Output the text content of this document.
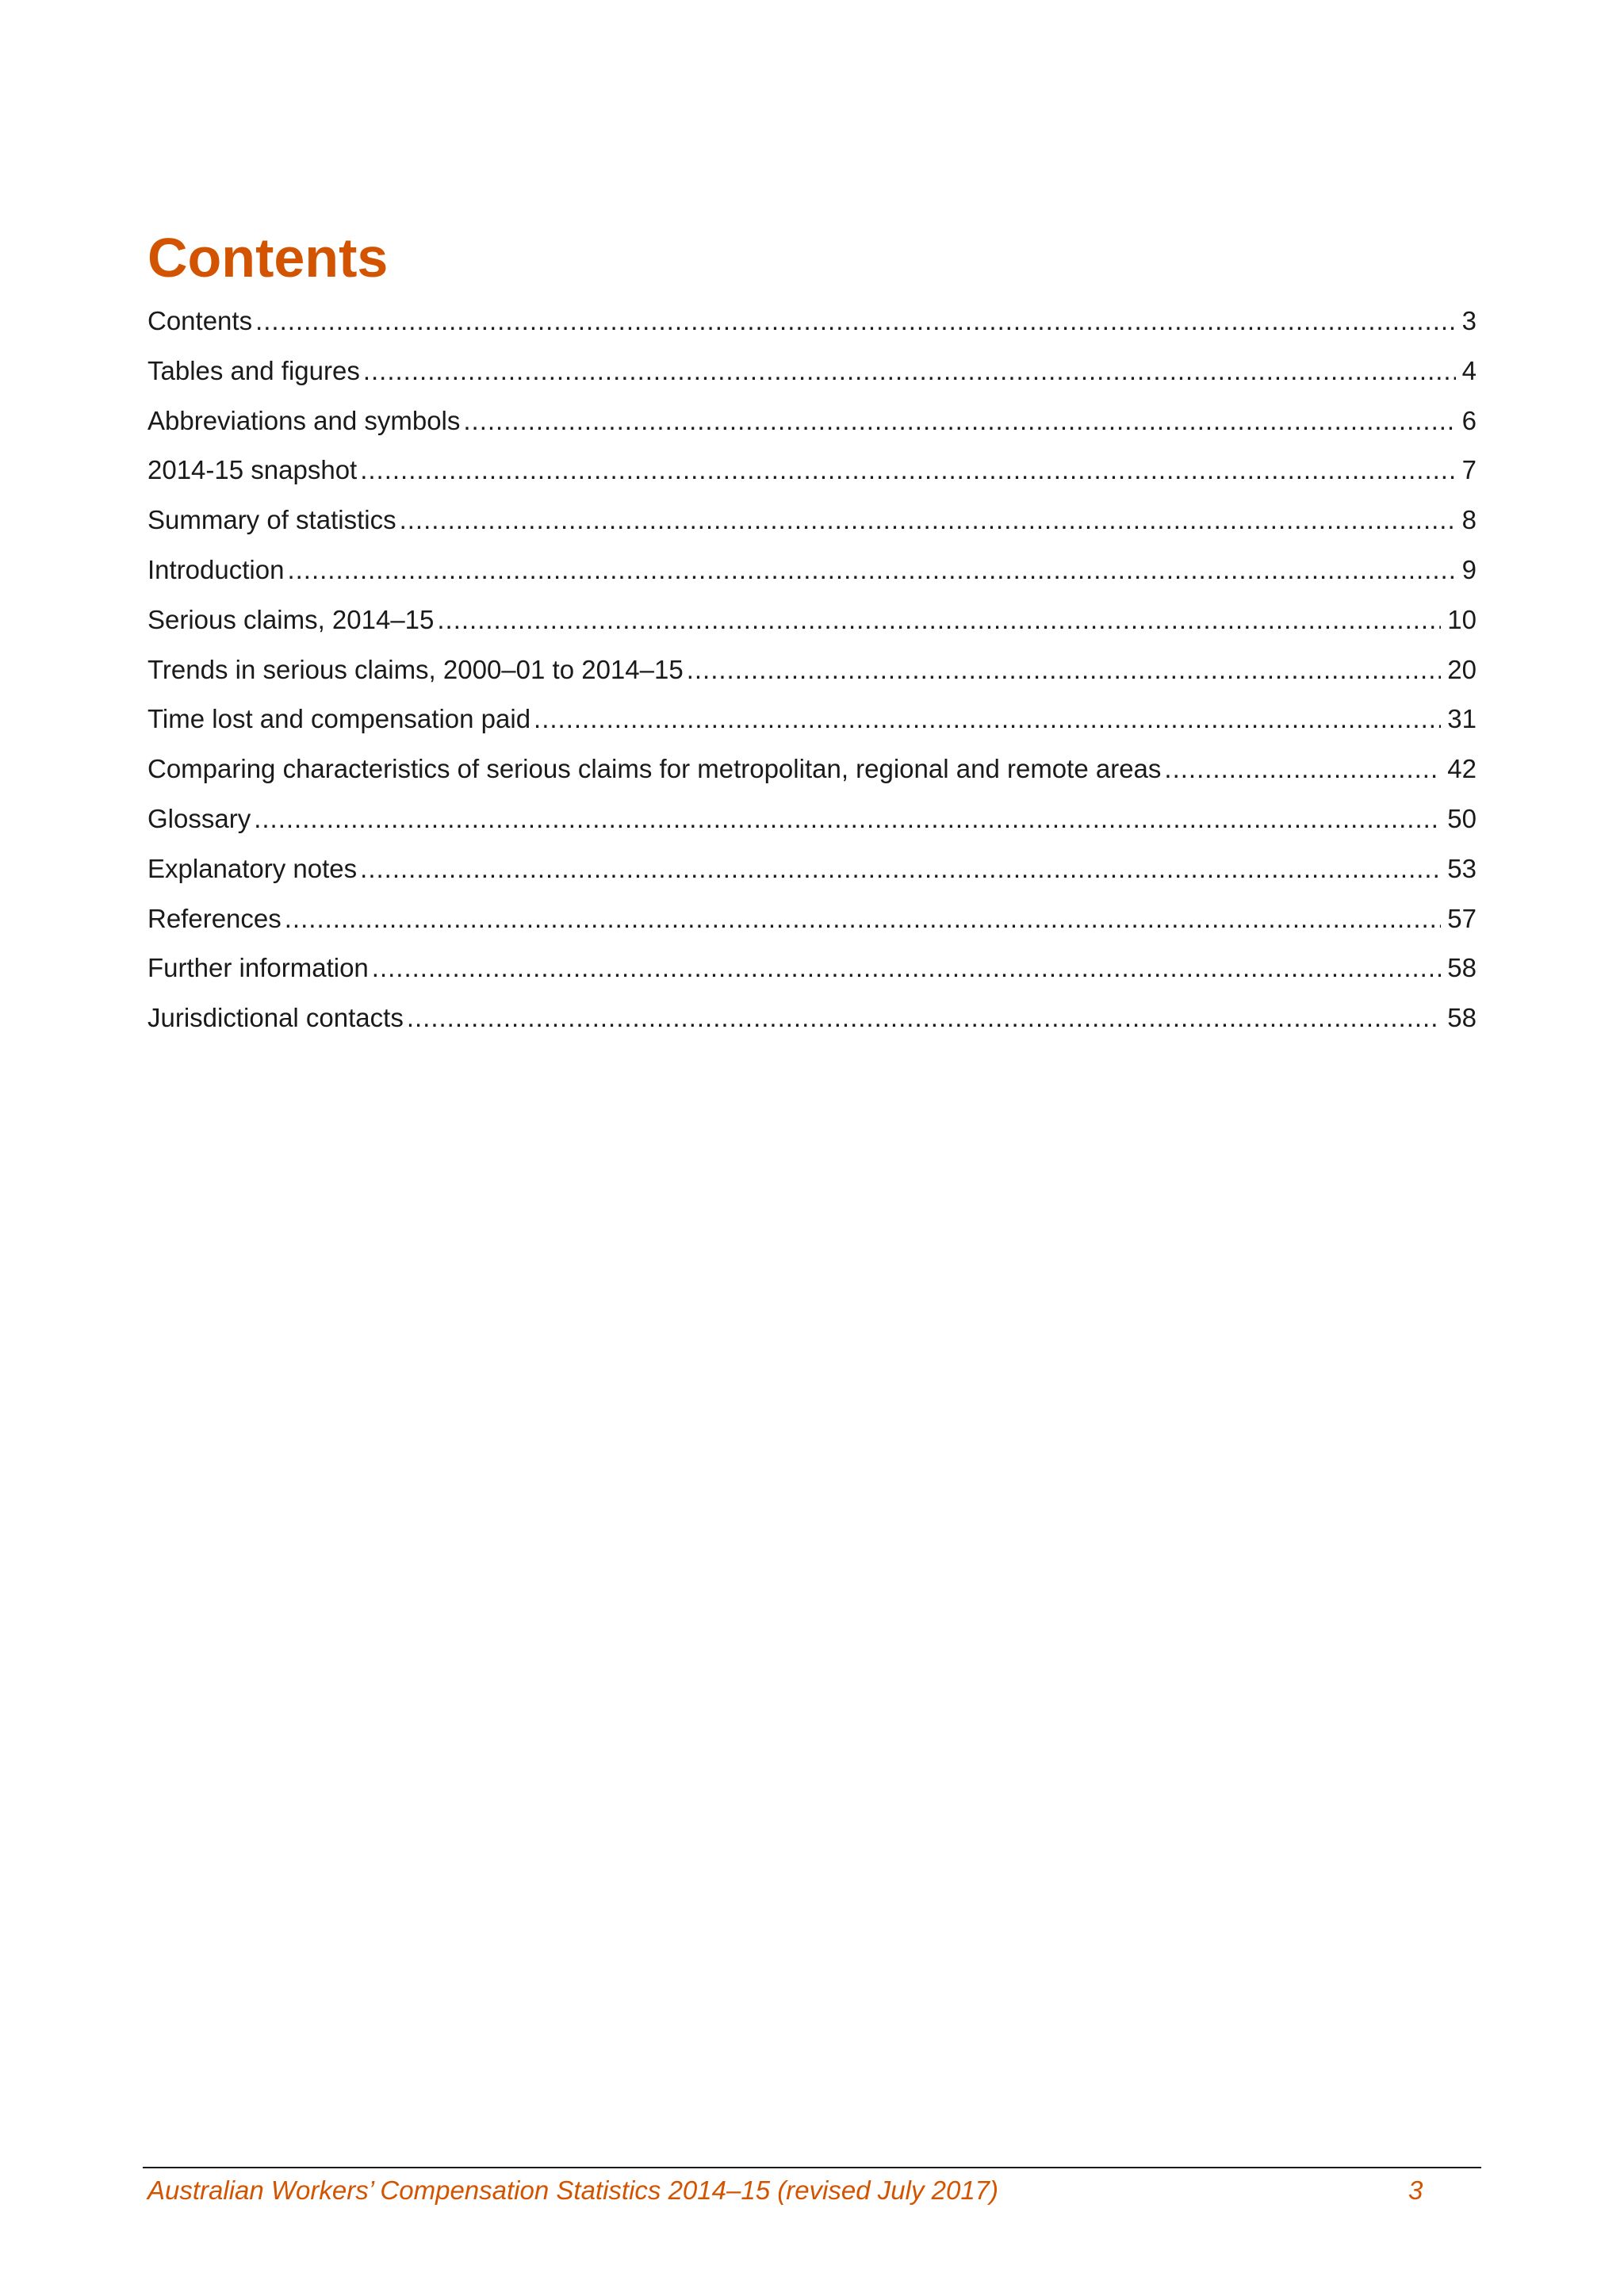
Contents
Contents .....	3
Tables and figures .....	4
Abbreviations and symbols .....	6
2014-15 snapshot .....	7
Summary of statistics .....	8
Introduction .....	9
Serious claims, 2014–15 .....	10
Trends in serious claims, 2000–01 to 2014–15 .....	20
Time lost and compensation paid .....	31
Comparing characteristics of serious claims for metropolitan, regional and remote areas .....	42
Glossary .....	50
Explanatory notes .....	53
References .....	57
Further information .....	58
Jurisdictional contacts .....	58
Australian Workers’ Compensation Statistics 2014–15 (revised July 2017)	3
